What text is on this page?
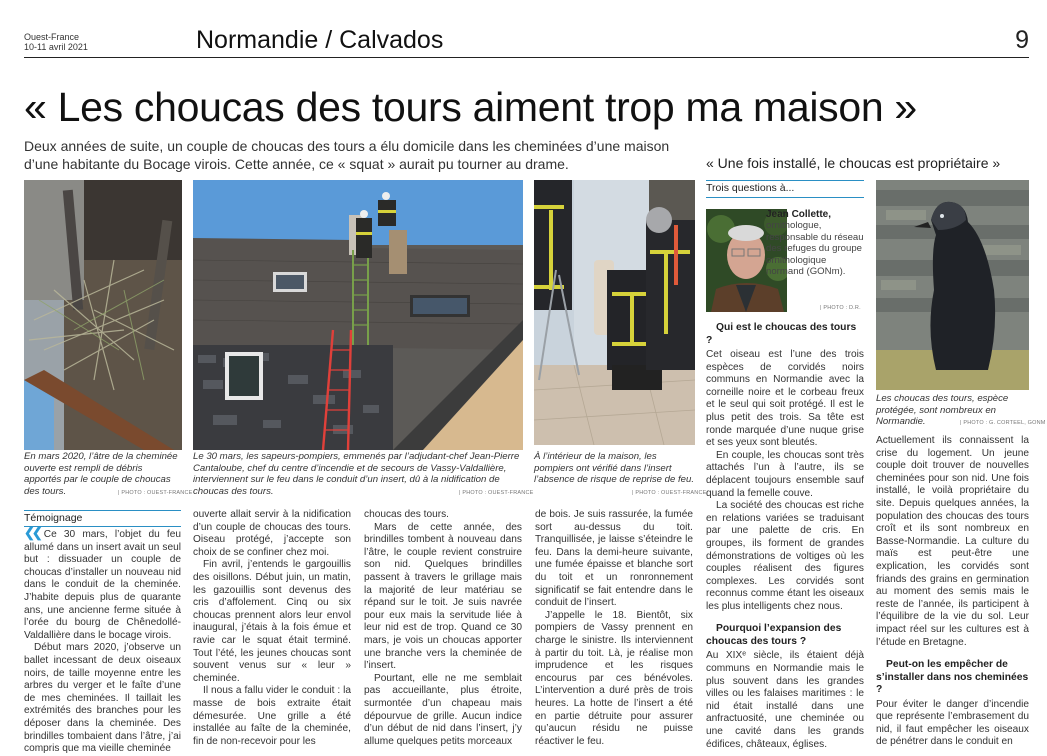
Ouest-France
10-11 avril 2021	Normandie / Calvados	9
« Les choucas des tours aiment trop ma maison »
Deux années de suite, un couple de choucas des tours a élu domicile dans les cheminées d’une maison d’une habitante du Bocage virois. Cette année, ce « squat » aurait pu tourner au drame.	« Une fois installé, le choucas est propriétaire »
En mars 2020, l’âtre de la cheminée ouverte est rempli de débris apportés par le couple de choucas des tours.	| PHOTO : OUEST-FRANCE
Le 30 mars, les sapeurs-pompiers, emmenés par l’adjudant-chef Jean-Pierre Cantaloube, chef du centre d’incendie et de secours de Vassy-Valdallière, interviennent sur le feu dans le conduit d’un insert, dû à la nidification de choucas des tours.	| PHOTO : OUEST-FRANCE
À l’intérieur de la maison, les pompiers ont vérifié dans l’insert l’absence de risque de reprise de feu.
| PHOTO : OUEST-FRANCE
Témoignage

❮❮ Ce 30 mars, l’objet du feu allumé dans un insert avait un seul but : dissuader un couple de choucas d’installer un nouveau nid dans le conduit de la cheminée. J’habite depuis plus de quarante ans, une ancienne ferme située à l’orée du bourg de Chênedollé-Valdallière dans le bocage virois.

Début mars 2020, j’observe un ballet incessant de deux oiseaux noirs, de taille moyenne entre les arbres du verger et le faîte d’une de mes cheminées. Il taillait les extrémités des branches pour les déposer dans la cheminée. Des brindilles tombaient dans l’âtre, j’ai compris que ma vieille cheminée

ouverte allait servir à la nidification d’un couple de choucas des tours. Oiseau protégé, j’accepte son choix de se confiner chez moi.

Fin avril, j’entends le gargouillis des oisillons. Début juin, un matin, les gazouillis sont devenus des cris d’affolement. Cinq ou six choucas prennent alors leur envol inaugural, j’étais à la fois émue et ravie car le squat était terminé. Tout l’été, les jeunes choucas sont souvent venus sur « leur » cheminée.

Il nous a fallu vider le conduit : la masse de bois extraite était démesurée. Une grille a été installée au faîte de la cheminée, fin de non-recevoir pour les

choucas des tours.

Mars de cette année, des brindilles tombent à nouveau dans l’âtre, le couple revient construire son nid. Quelques brindilles passent à travers le grillage mais la majorité de leur matériau se répand sur le toit. Je suis navrée pour eux mais la servitude liée à leur nid est de trop. Quand ce 30 mars, je vois un choucas apporter une branche vers la cheminée de l’insert.

Pourtant, elle ne me semblait pas accueillante, plus étroite, surmontée d’un chapeau mais dépourvue de grille. Aucun indice d’un début de nid dans l’insert, j’y allume quelques petits morceaux

de bois. Je suis rassurée, la fumée sort au-dessus du toit. Tranquillisée, je laisse s’éteindre le feu. Dans la demi-heure suivante, une fumée épaisse et blanche sort du toit et un ronronnement significatif se fait entendre dans le conduit de l’insert.

J’appelle le 18. Bientôt, six pompiers de Vassy prennent en charge le sinistre. Ils interviennent à partir du toit. Là, je réalise mon imprudence et les risques encourus par ces bénévoles. L’intervention a duré près de trois heures. La hotte de l’insert a été en partie détruite pour assurer qu’aucun résidu ne puisse réactiver le feu.

Trois questions à...
Jean Collette,
ornithologue, responsable du réseau des refuges du groupe ornithologique normand (GONm).
| PHOTO : D.R.
Les choucas des tours, espèce protégée, sont nombreux en Normandie.	| PHOTO : G. CORTEEL, GONM
Qui est le choucas des tours ?

Cet oiseau est l’une des trois espèces de corvidés noirs communs en Normandie avec la corneille noire et le corbeau freux et le seul qui soit protégé. Il est le plus petit des trois. Sa tête est ronde marquée d’une nuque grise et ses yeux sont bleutés.

En couple, les choucas sont très attachés l’un à l’autre, ils se déplacent toujours ensemble sauf quand la femelle couve.

La société des choucas est riche en relations variées se traduisant par une palette de cris. En groupes, ils forment de grandes démonstrations de voltiges où les couples réalisent des figures complexes. Les corvidés sont reconnus comme étant les oiseaux les plus intelligents chez nous.

Pourquoi l’expansion des choucas des tours ?

Au XIXᵉ siècle, ils étaient déjà communs en Normandie mais le plus souvent dans les grandes villes ou les falaises maritimes : le nid était installé dans une anfractuosité, une cheminée ou une cavité dans les grands édifices, châteaux, églises.

Actuellement ils connaissent la crise du logement. Un jeune couple doit trouver de nouvelles cheminées pour son nid. Une fois installé, le voilà propriétaire du site. Depuis quelques années, la population des choucas des tours croît et ils sont nombreux en Basse-Normandie. La culture du maïs est peut-être une explication, les corvidés sont friands des grains en germination au moment des semis mais le reste de l’année, ils participent à l’équilibre de la vie du sol. Leur impact réel sur les cultures est à l’étude en Bretagne.

Peut-on les empêcher de s’installer dans nos cheminées ?

Pour éviter le danger d’incendie que représente l’embrasement du nid, il faut empêcher les oiseaux de pénétrer dans le conduit en
